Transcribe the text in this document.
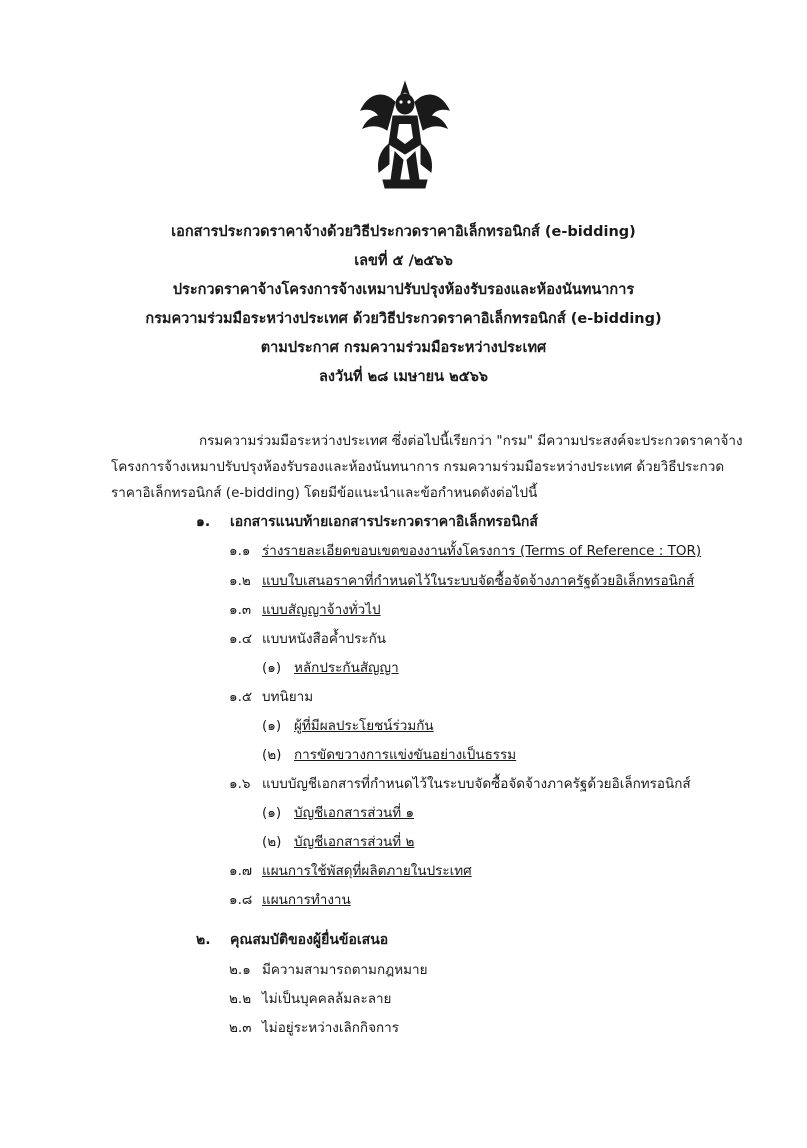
เอกสารประกวดราคาจ้างด้วยวิธีประกวดราคาอิเล็กทรอนิกส์ (e-bidding)
เลขที่ ๕ /๒๕๖๖
ประกวดราคาจ้างโครงการจ้างเหมาปรับปรุงห้องรับรองและห้องนันทนาการ
กรมความร่วมมือระหว่างประเทศ ด้วยวิธีประกวดราคาอิเล็กทรอนิกส์ (e-bidding)
ตามประกาศ กรมความร่วมมือระหว่างประเทศ
ลงวันที่ ๒๘ เมษายน ๒๕๖๖
กรมความร่วมมือระหว่างประเทศ ซึ่งต่อไปนี้เรียกว่า "กรม" มีความประสงค์จะประกวดราคาจ้าง
โครงการจ้างเหมาปรับปรุงห้องรับรองและห้องนันทนาการ กรมความร่วมมือระหว่างประเทศ ด้วยวิธีประกวด
ราคาอิเล็กทรอนิกส์ (e-bidding) โดยมีข้อแนะนำและข้อกำหนดดังต่อไปนี้
๑. เอกสารแนบท้ายเอกสารประกวดราคาอิเล็กทรอนิกส์
๑.๑ ร่างรายละเอียดขอบเขตของงานทั้งโครงการ (Terms of Reference : TOR)
๑.๒ แบบใบเสนอราคาที่กำหนดไว้ในระบบจัดซื้อจัดจ้างภาครัฐด้วยอิเล็กทรอนิกส์
๑.๓ แบบสัญญาจ้างทั่วไป
๑.๔ แบบหนังสือค้ำประกัน
(๑) หลักประกันสัญญา
๑.๕ บทนิยาม
(๑) ผู้ที่มีผลประโยชน์ร่วมกัน
(๒) การขัดขวางการแข่งขันอย่างเป็นธรรม
๑.๖ แบบบัญชีเอกสารที่กำหนดไว้ในระบบจัดซื้อจัดจ้างภาครัฐด้วยอิเล็กทรอนิกส์
(๑) บัญชีเอกสารส่วนที่ ๑
(๒) บัญชีเอกสารส่วนที่ ๒
๑.๗ แผนการใช้พัสดุที่ผลิตภายในประเทศ
๑.๘ แผนการทำงาน
๒. คุณสมบัติของผู้ยื่นข้อเสนอ
๒.๑ มีความสามารถตามกฎหมาย
๒.๒ ไม่เป็นบุคคลล้มละลาย
๒.๓ ไม่อยู่ระหว่างเลิกกิจการ
